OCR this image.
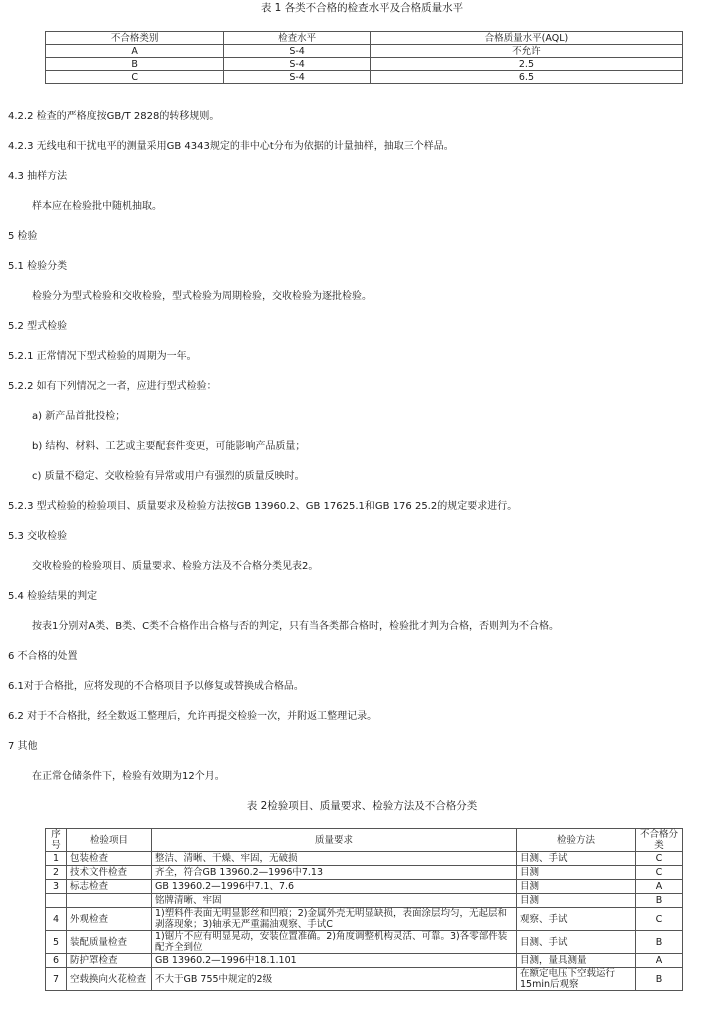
表 1 各类不合格的检查水平及合格质量水平
不合格类别	检查水平	合格质量水平(AQL)
A	S-4	不允许
B	S-4	2.5
C	S-4	6.5
4.2.2 检查的严格度按GB/T 2828的转移规则。
4.2.3 无线电和干扰电平的测量采用GB 4343规定的非中心t分布为依据的计量抽样，抽取三个样品。
4.3 抽样方法
样本应在检验批中随机抽取。
5 检验
5.1 检验分类
检验分为型式检验和交收检验，型式检验为周期检验，交收检验为逐批检验。
5.2 型式检验
5.2.1 正常情况下型式检验的周期为一年。
5.2.2 如有下列情况之一者，应进行型式检验：
a) 新产品首批投检；
b) 结构、材料、工艺或主要配套件变更，可能影响产品质量；
c) 质量不稳定、交收检验有异常或用户有强烈的质量反映时。
5.2.3 型式检验的检验项目、质量要求及检验方法按GB 13960.2、GB 17625.1和GB 176 25.2的规定要求进行。
5.3 交收检验
交收检验的检验项目、质量要求、检验方法及不合格分类见表2。
5.4 检验结果的判定
按表1分别对A类、B类、C类不合格作出合格与否的判定，只有当各类都合格时，检验批才判为合格，否则判为不合格。
6 不合格的处置
6.1对于合格批，应将发现的不合格项目予以修复或替换成合格品。
6.2 对于不合格批，经全数返工整理后，允许再提交检验一次，并附返工整理记录。
7 其他
在正常仓储条件下，检验有效期为12个月。
表 2检验项目、质量要求、检验方法及不合格分类
序号	检验项目	质量要求	检验方法	不合格分类
1	包装检查	整洁、清晰、干燥、牢固，无破损	目测、手试	C
2	技术文件检查	齐全，符合GB 13960.2—1996中7.13	目测	C
3	标志检查	GB 13960.2—1996中7.1、7.6	目测	A
		铭牌清晰、牢固	目测	B
4	外观检查	1)塑料件表面无明显影丝和凹痕；2)金属外壳无明显缺损，表面涂层均匀，无起层和剥落现象；3)轴承无严重漏油观察、手试C	观察、手试	C
5	装配质量检查	1)锯片不应有明显晃动，安装位置准确。2)角度调整机构灵活、可靠。3)各零部件装配齐全到位	目测、手试	B
6	防护罩检查	GB 13960.2—1996中18.1.101	目测，量具测量	A
7	空载换向火花检查	不大于GB 755中规定的2级	在额定电压下空载运行15min后观察	B
